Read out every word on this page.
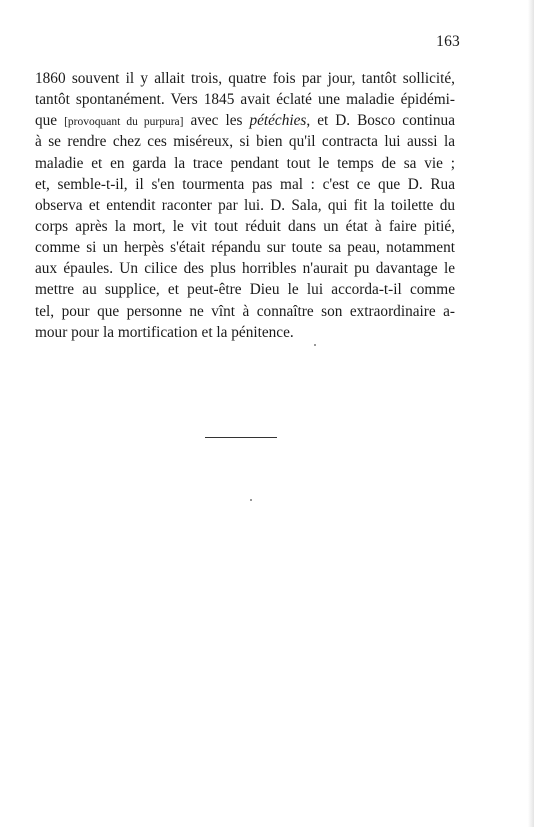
163
1860 souvent il y allait trois, quatre fois par jour, tantôt sollicité,
tantôt spontanément. Vers 1845 avait éclaté une maladie épidémi-
que [provoquant du purpura] avec les pétéchies, et D. Bosco continua
à se rendre chez ces miséreux, si bien qu'il contracta lui aussi la
maladie et en garda la trace pendant tout le temps de sa vie ;
et, semble-t-il, il s'en tourmenta pas mal : c'est ce que D. Rua
observa et entendit raconter par lui. D. Sala, qui fit la toilette du
corps après la mort, le vit tout réduit dans un état à faire pitié,
comme si un herpès s'était répandu sur toute sa peau, notamment
aux épaules. Un cilice des plus horribles n'aurait pu davantage le
mettre au supplice, et peut-être Dieu le lui accorda-t-il comme
tel, pour que personne ne vînt à connaître son extraordinaire a-
mour pour la mortification et la pénitence.
